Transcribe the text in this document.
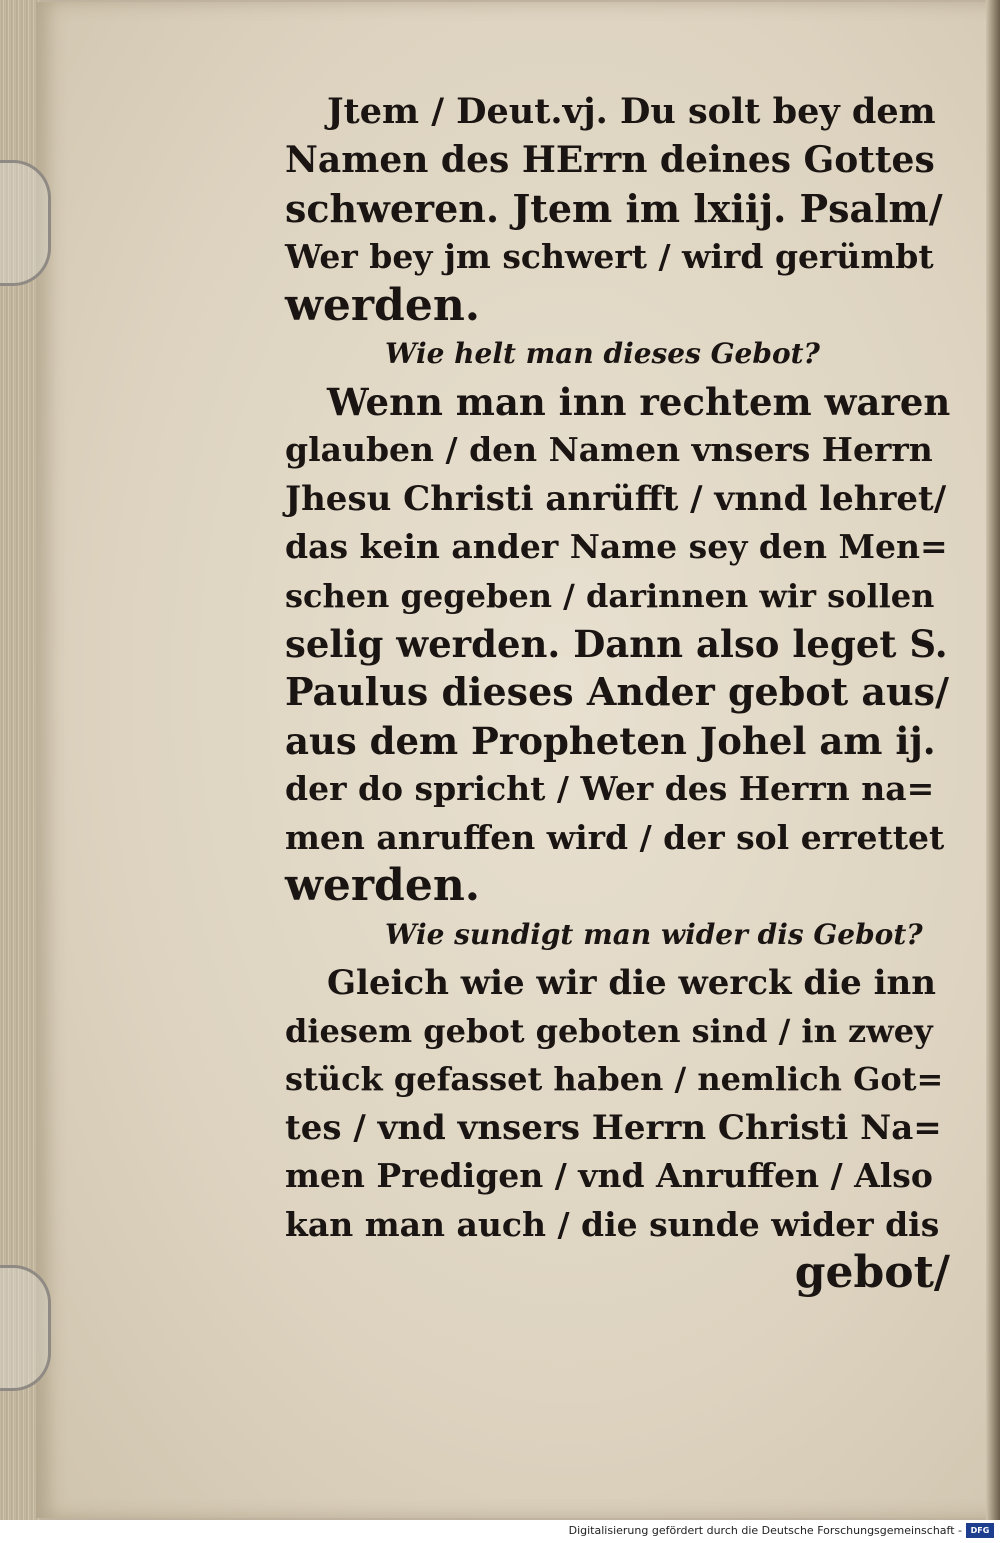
Jtem / Deut.vj. Du solt bey dem
Namen des HErrn deines Gottes
schweren. Jtem im lxiij. Psalm/
Wer bey jm schwert / wird gerümbt
werden.
Wie helt man dieses Gebot?
Wenn man inn rechtem waren
glauben / den Namen vnsers Herrn
Jhesu Christi anrüfft / vnnd lehret/
das kein ander Name sey den Men=
schen gegeben / darinnen wir sollen
selig werden. Dann also leget S.
Paulus dieses Ander gebot aus/
aus dem Propheten Johel am ij.
der do spricht / Wer des Herrn na=
men anruffen wird / der sol errettet
werden.
Wie sundigt man wider dis Gebot?
Gleich wie wir die werck die inn
diesem gebot geboten sind / in zwey
stück gefasset haben / nemlich Got=
tes / vnd vnsers Herrn Christi Na=
men Predigen / vnd Anruffen / Also
kan man auch / die sunde wider dis
gebot/
Digitalisierung gefördert durch die Deutsche Forschungsgemeinschaft -	DFG
